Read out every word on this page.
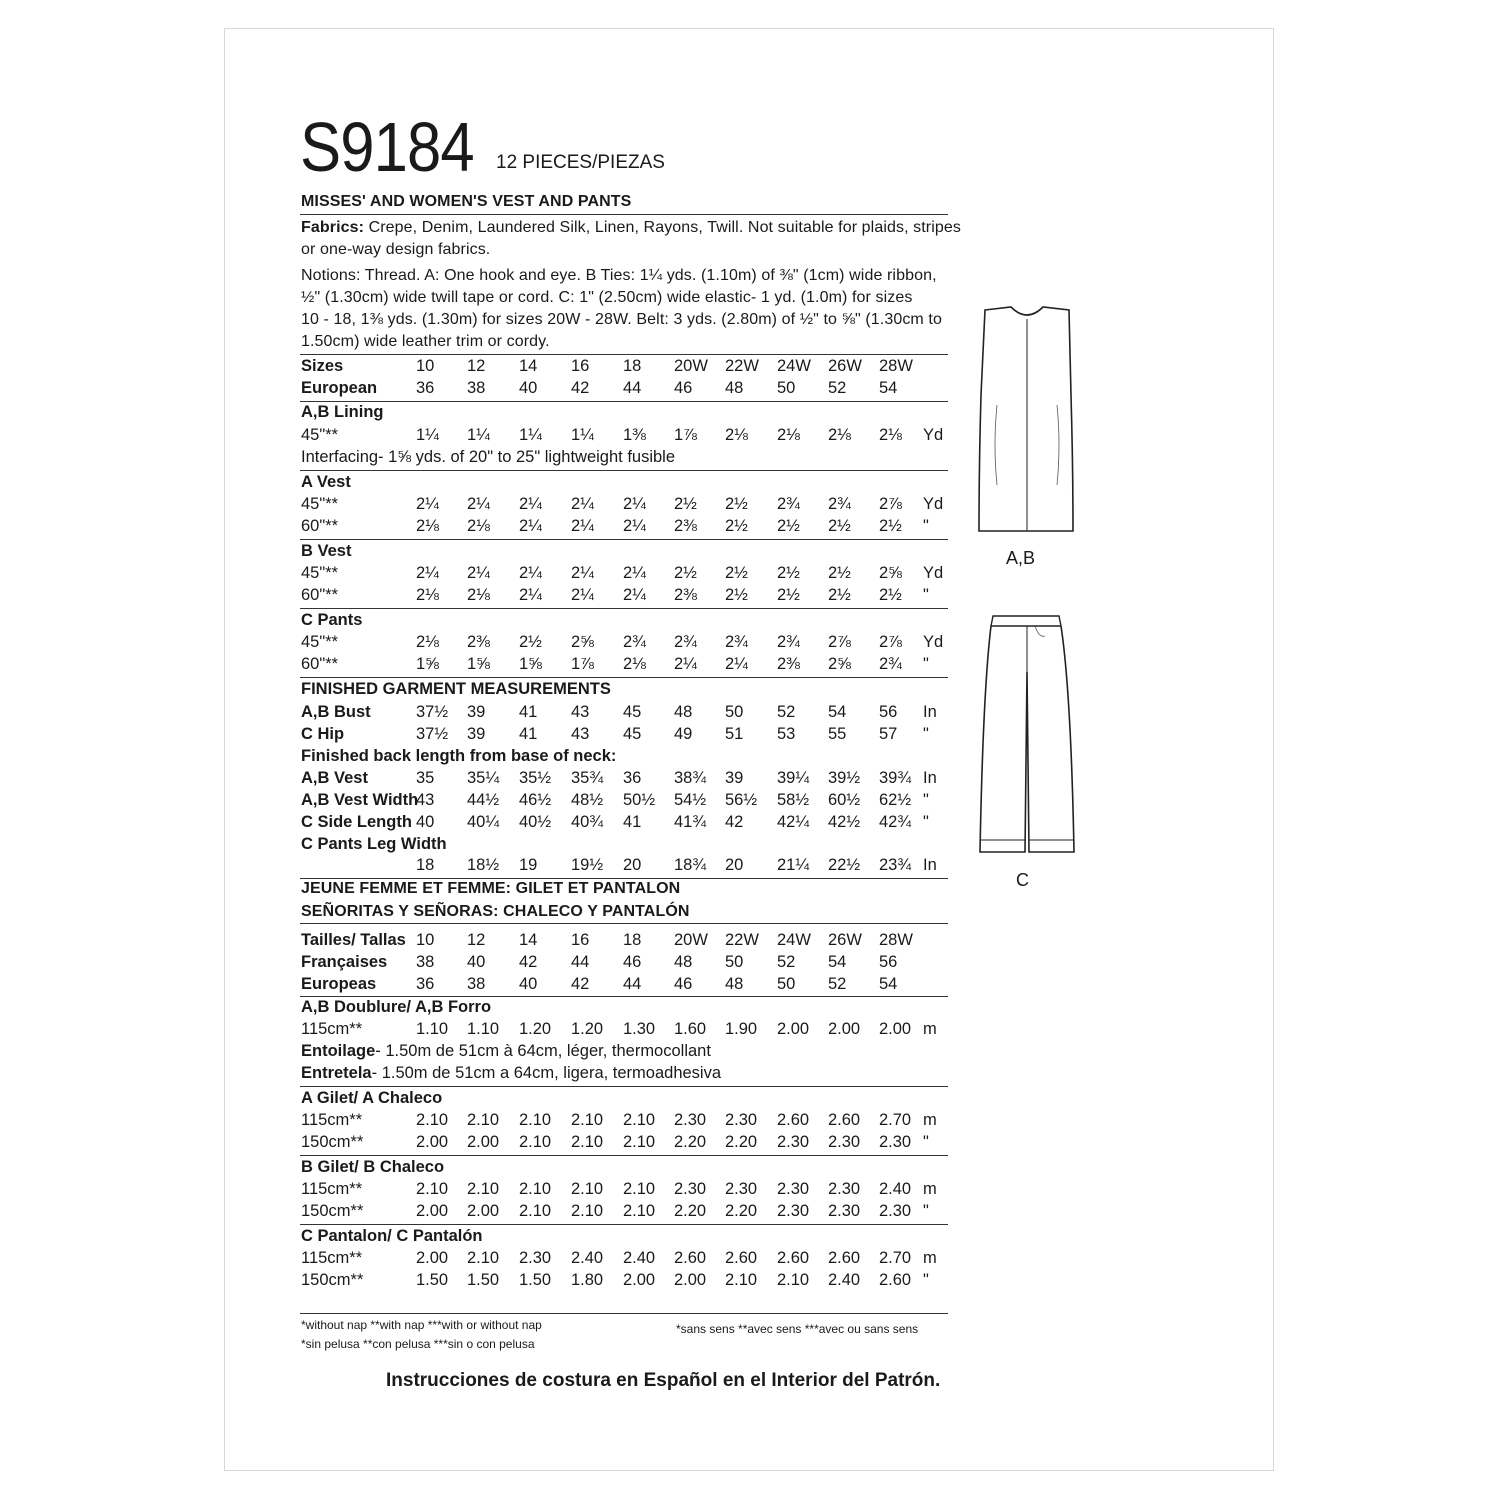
S9184 12 PIECES/PIEZAS
MISSES' AND WOMEN'S VEST AND PANTS
Fabrics: Crepe, Denim, Laundered Silk, Linen, Rayons, Twill. Not suitable for plaids, stripes
or one-way design fabrics.
Notions: Thread. A: One hook and eye. B Ties: 1¼ yds. (1.10m) of ⅜" (1cm) wide ribbon,
½" (1.30cm) wide twill tape or cord. C: 1" (2.50cm) wide elastic- 1 yd. (1.0m) for sizes
10 - 18, 1⅜ yds. (1.30m) for sizes 20W - 28W. Belt: 3 yds. (2.80m) of ½" to ⅝" (1.30cm to
1.50cm) wide leather trim or cordy.
Sizes	10 12 14 16 18 20W 22W 24W 26W 28W
European 36 38 40 42 44 46 48 50 52 54
A,B Lining
45"**	1¼ 1¼ 1¼ 1¼ 1⅜ 1⅞ 2⅛ 2⅛ 2⅛ 2⅛ Yd
Interfacing- 1⅝ yds. of 20" to 25" lightweight fusible
A Vest
45"**	2¼ 2¼ 2¼ 2¼ 2¼ 2½ 2½ 2¾ 2¾ 2⅞ Yd
60"**	2⅛ 2⅛ 2¼ 2¼ 2¼ 2⅜ 2½ 2½ 2½ 2½ "
B Vest
45"**	2¼ 2¼ 2¼ 2¼ 2¼ 2½ 2½ 2½ 2½ 2⅝ Yd
60"**	2⅛ 2⅛ 2¼ 2¼ 2¼ 2⅜ 2½ 2½ 2½ 2½ "
C Pants
45"**	2⅛ 2⅜ 2½ 2⅝ 2¾ 2¾ 2¾ 2¾ 2⅞ 2⅞ Yd
60"**	1⅝ 1⅝ 1⅝ 1⅞ 2⅛ 2¼ 2¼ 2⅜ 2⅝ 2¾ "
FINISHED GARMENT MEASUREMENTS
A,B Bust	37½ 39 41 43 45 48 50 52 54 56 In
C Hip	37½ 39 41 43 45 49 51 53 55 57 "
Finished back length from base of neck:
A,B Vest	35 35¼ 35½ 35¾ 36 38¾ 39 39¼ 39½ 39¾ In
A,B Vest Width
43 44½ 46½ 48½ 50½ 54½ 56½ 58½ 60½ 62½ "
C Side Length 40 40¼ 40½ 40¾ 41 41¾ 42 42¼ 42½ 42¾ "
C Pants Leg Width
18 18½ 19 19½ 20 18¾ 20 21¼ 22½ 23¾ In
Tailles/ Tallas 10 12 14 16 18 20W 22W 24W 26W 28W
Françaises 38 40 42 44 46 48 50 52 54 56
Europeas 36 38 40 42 44 46 48 50 52 54
A,B Doublure/ A,B Forro
115cm**	1.10 1.10 1.20 1.20 1.30 1.60 1.90 2.00 2.00 2.00 m
Entoilage- 1.50m de 51cm à 64cm, léger, thermocollant
Entretela- 1.50m de 51cm a 64cm, ligera, termoadhesiva
A Gilet/ A Chaleco
115cm**	2.10 2.10 2.10 2.10 2.10 2.30 2.30 2.60 2.60 2.70 m
150cm**	2.00 2.00 2.10 2.10 2.10 2.20 2.20 2.30 2.30 2.30 "
B Gilet/ B Chaleco
115cm**	2.10 2.10 2.10 2.10 2.10 2.30 2.30 2.30 2.30 2.40 m
150cm**	2.00 2.00 2.10 2.10 2.10 2.20 2.20 2.30 2.30 2.30 "
C Pantalon/ C Pantalón
115cm**	2.00 2.10 2.30 2.40 2.40 2.60 2.60 2.60 2.60 2.70 m
150cm**	1.50 1.50 1.50 1.80 2.00 2.00 2.10 2.10 2.40 2.60 "
JEUNE FEMME ET FEMME: GILET ET PANTALON
SEÑORITAS Y SEÑORAS: CHALECO Y PANTALÓN
*without nap **with nap ***with or without nap
*sin pelusa **con pelusa ***sin o con pelusa
*sans sens **avec sens ***avec ou sans sens
Instrucciones de costura en Español en el Interior del Patrón.
A,B
C
